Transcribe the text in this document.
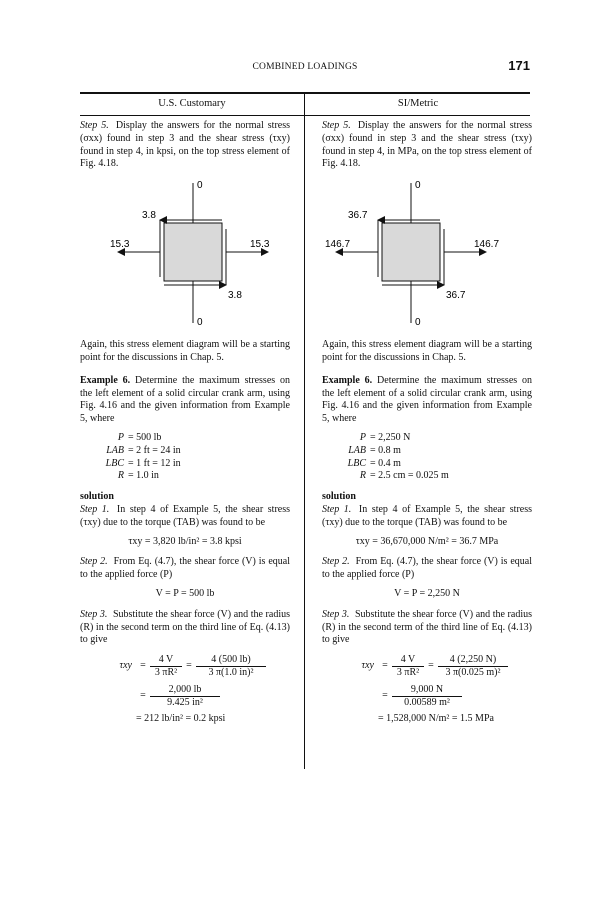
COMBINED LOADINGS	171
U.S. Customary	SI/Metric

Step 5. Display the answers for the normal stress (σxx) found in step 3 and the shear stress (τxy) found in step 4, in kpsi, on the top stress element of Fig. 4.18.

0
0
15.3	15.3
3.8
3.8

Again, this stress element diagram will be a starting point for the discussions in Chap. 5.

Example 6. Determine the maximum stresses on the left element of a solid circular crank arm, using Fig. 4.16 and the given information from Example 5, where

P = 500 lb
LAB = 2 ft = 24 in
LBC = 1 ft = 12 in
R = 1.0 in
solution

Step 1. In step 4 of Example 5, the shear stress (τxy) due to the torque (TAB) was found to be

τxy = 3,820 lb/in² = 3.8 kpsi

Step 2. From Eq. (4.7), the shear force (V) is equal to the applied force (P)

V = P = 500 lb

Step 3. Substitute the shear force (V) and the radius (R) in the second term on the third line of Eq. (4.13) to give

$\tau xy = \frac{4 V}{\text{3 πR²}} = \frac{4 (500 lb)}{\text{3 π(1.0 in)²}}$
= $\frac{2,000 lb}{\text{9.425 in²}}$
= 212 lb/in² = 0.2 kpsi

Step 5. Display the answers for the normal stress (σxx) found in step 3 and the shear stress (τxy) found in step 4, in MPa, on the top stress element of Fig. 4.18.

0
0
146.7	146.7
36.7
36.7

Again, this stress element diagram will be a starting point for the discussions in Chap. 5.

Example 6. Determine the maximum stresses on the left element of a solid circular crank arm, using Fig. 4.16 and the given information from Example 5, where

P = 2,250 N
LAB = 0.8 m
LBC = 0.4 m
R = 2.5 cm = 0.025 m
solution

Step 1. In step 4 of Example 5, the shear stress (τxy) due to the torque (TAB) was found to be

τxy = 36,670,000 N/m² = 36.7 MPa

Step 2. From Eq. (4.7), the shear force (V) is equal to the applied force (P)

V = P = 2,250 N

Step 3. Substitute the shear force (V) and the radius (R) in the second term of the third line of Eq. (4.13) to give

$\tau xy = \frac{4 V}{\text{3 πR²}} = \frac{4 (2,250 N)}{\text{3 π(0.025 m)²}}$
= $\frac{9,000 N}{\text{0.00589 m²}}$
= 1,528,000 N/m² = 1.5 MPa
